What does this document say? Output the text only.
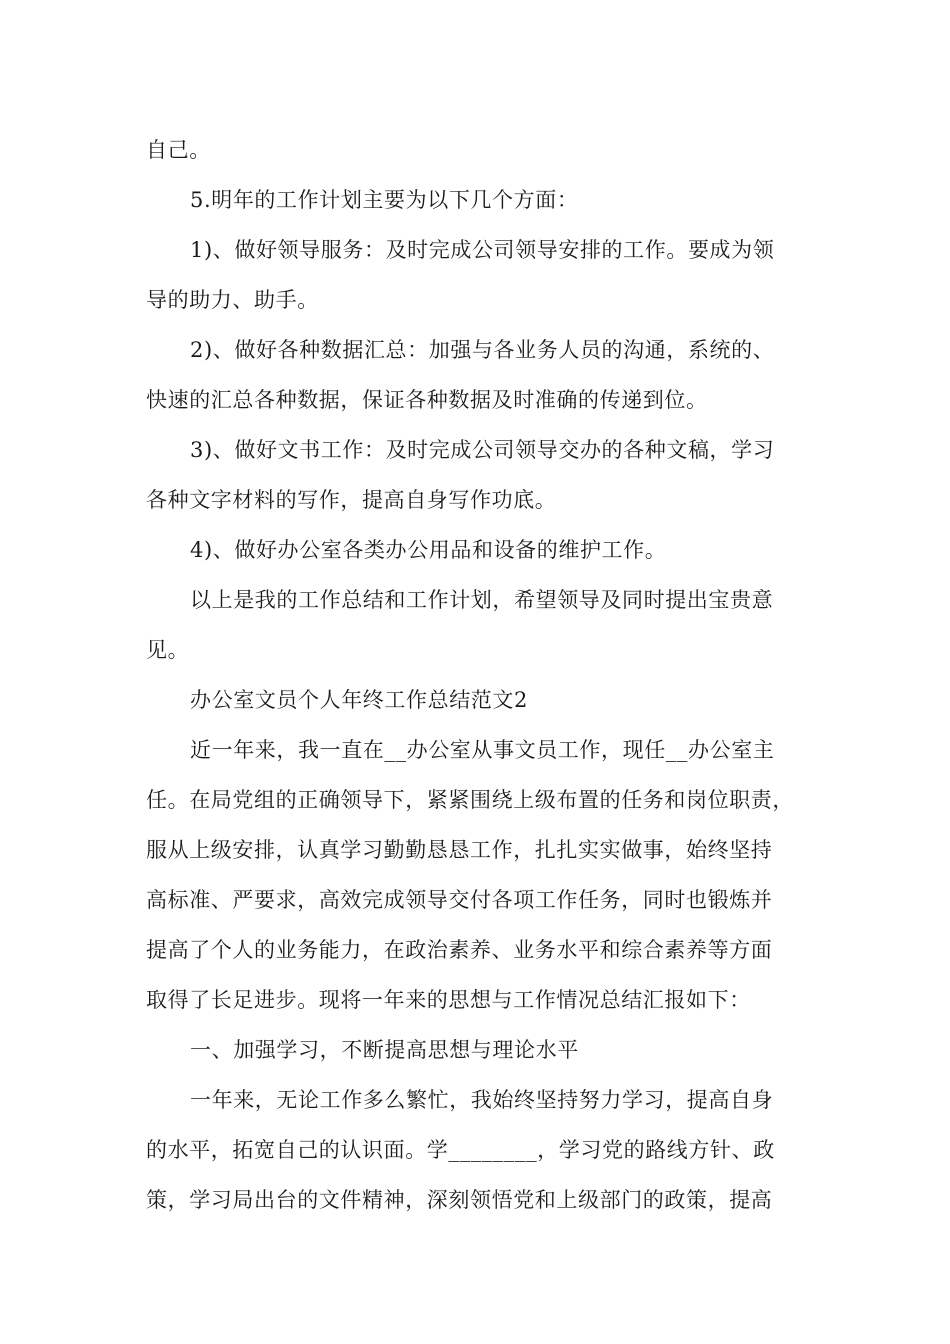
自己。
5.明年的工作计划主要为以下几个方面：
1)、做好领导服务：及时完成公司领导安排的工作。要成为领
导的助力、助手。
2)、做好各种数据汇总：加强与各业务人员的沟通，系统的、
快速的汇总各种数据，保证各种数据及时准确的传递到位。
3)、做好文书工作：及时完成公司领导交办的各种文稿，学习
各种文字材料的写作，提高自身写作功底。
4)、做好办公室各类办公用品和设备的维护工作。
以上是我的工作总结和工作计划，希望领导及同时提出宝贵意
见。
办公室文员个人年终工作总结范文2
近一年来，我一直在__办公室从事文员工作，现任__办公室主
任。在局党组的正确领导下，紧紧围绕上级布置的任务和岗位职责，
服从上级安排，认真学习勤勤恳恳工作，扎扎实实做事，始终坚持
高标准、严要求，高效完成领导交付各项工作任务，同时也锻炼并
提高了个人的业务能力，在政治素养、业务水平和综合素养等方面
取得了长足进步。现将一年来的思想与工作情况总结汇报如下：
一、加强学习，不断提高思想与理论水平
一年来，无论工作多么繁忙，我始终坚持努力学习，提高自身
的水平，拓宽自己的认识面。学________，学习党的路线方针、政
策，学习局出台的文件精神，深刻领悟党和上级部门的政策，提高
